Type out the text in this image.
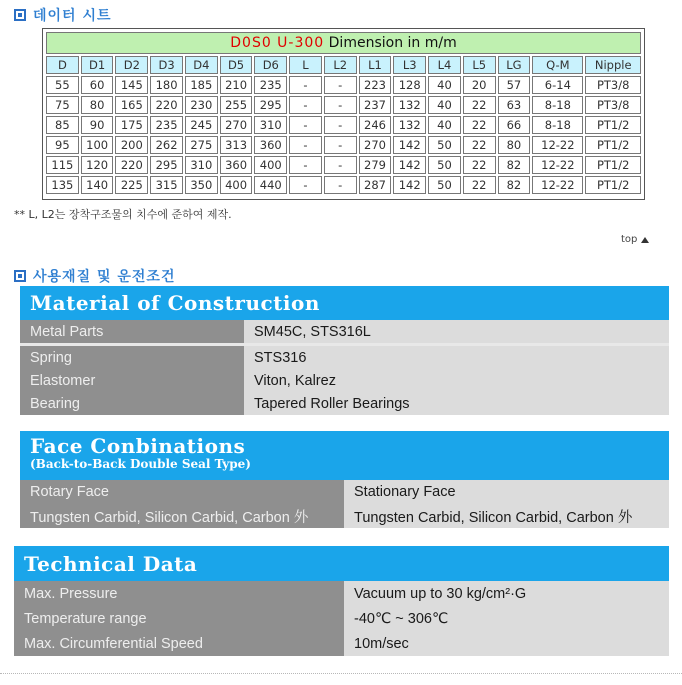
데이터 시트
D0S0 U-300 Dimension in m/m															
D	D1	D2	D3	D4	D5	D6	L	L2	L1	L3	L4	L5	LG	Q-M	Nipple
55	60	145	180	185	210	235	-	-	223	128	40	20	57	6-14	PT3/8
75	80	165	220	230	255	295	-	-	237	132	40	22	63	8-18	PT3/8
85	90	175	235	245	270	310	-	-	246	132	40	22	66	8-18	PT1/2
95	100	200	262	275	313	360	-	-	270	142	50	22	80	12-22	PT1/2
115	120	220	295	310	360	400	-	-	279	142	50	22	82	12-22	PT1/2
135	140	225	315	350	400	440	-	-	287	142	50	22	82	12-22	PT1/2
** L, L2는 장착구조물의 치수에 준하여 제작.
top
사용재질 및 운전조건
Material of Construction
Metal Parts	SM45C, STS316L
Spring	STS316
Elastomer	Viton, Kalrez
Bearing	Tapered Roller Bearings
Face Conbinations
(Back-to-Back Double Seal Type)
Rotary Face	Stationary Face
Tungsten Carbid, Silicon Carbid, Carbon 外	Tungsten Carbid, Silicon Carbid, Carbon 外
Technical Data
Max. Pressure	Vacuum up to 30 kg/cm²·G
Temperature range	-40℃ ~ 306℃
Max. Circumferential Speed	10m/sec
